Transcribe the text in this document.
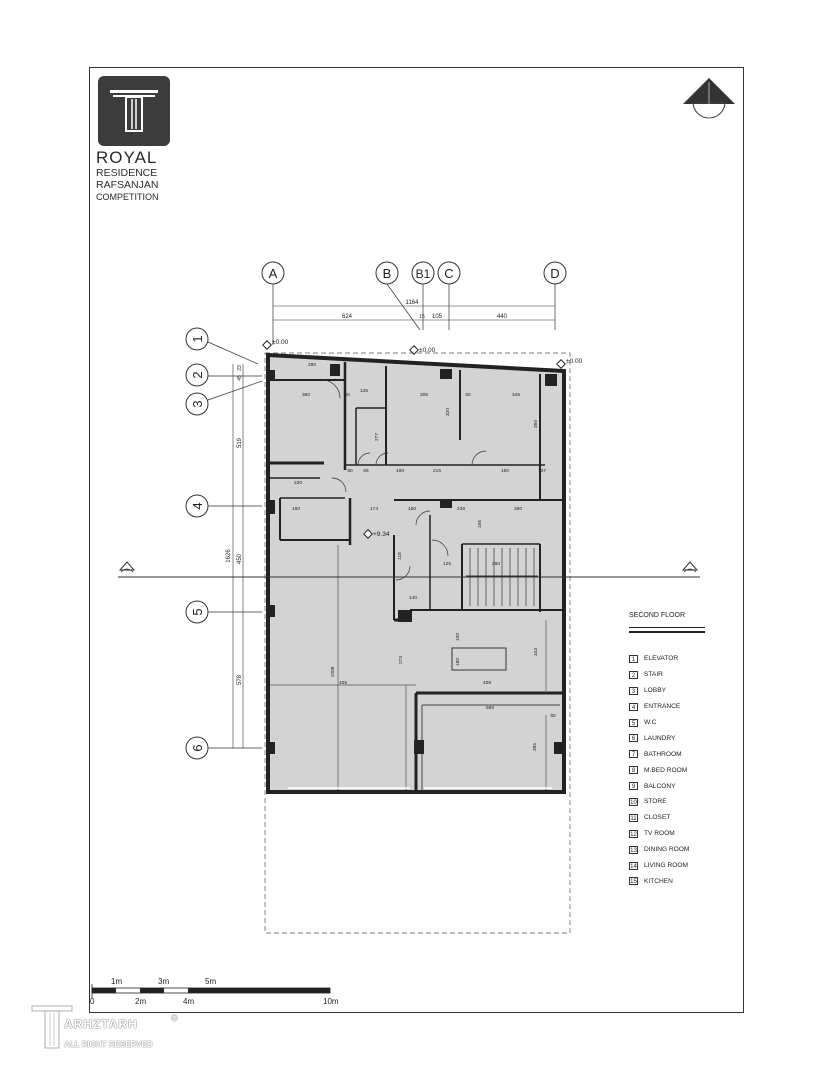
ROYAL
RESIDENCE
RAFSANJAN
COMPETITION
A	B B1 C	D
1164
624	15 105	440
1
2
3
4
5
6
1626
23
45
519
450
578
290
360	50
135
305	60	345
350
320
277
80 65	100	215	150	137
220
160	174	150	239	260
165
118
125	260
140
100
180
273
343
405
1008
408
588
60
395
±0.00
±0.00
±0.00
+9.34
1m	3m	5m
0	2m	4m	10m
SECOND FLOOR
1	ELEVATOR
2	STAIR
3	LOBBY
4	ENTRANCE
5	W.C
6	LAUNDRY
7	BATHROOM
8	M.BED ROOM
9	BALCONY
10 STORE
11 CLOSET
12 TV ROOM
13 DINING ROOM
14 LIVING ROOM
15 KITCHEN
ARHZTARH	©
ALL RIGHT RESERVED
